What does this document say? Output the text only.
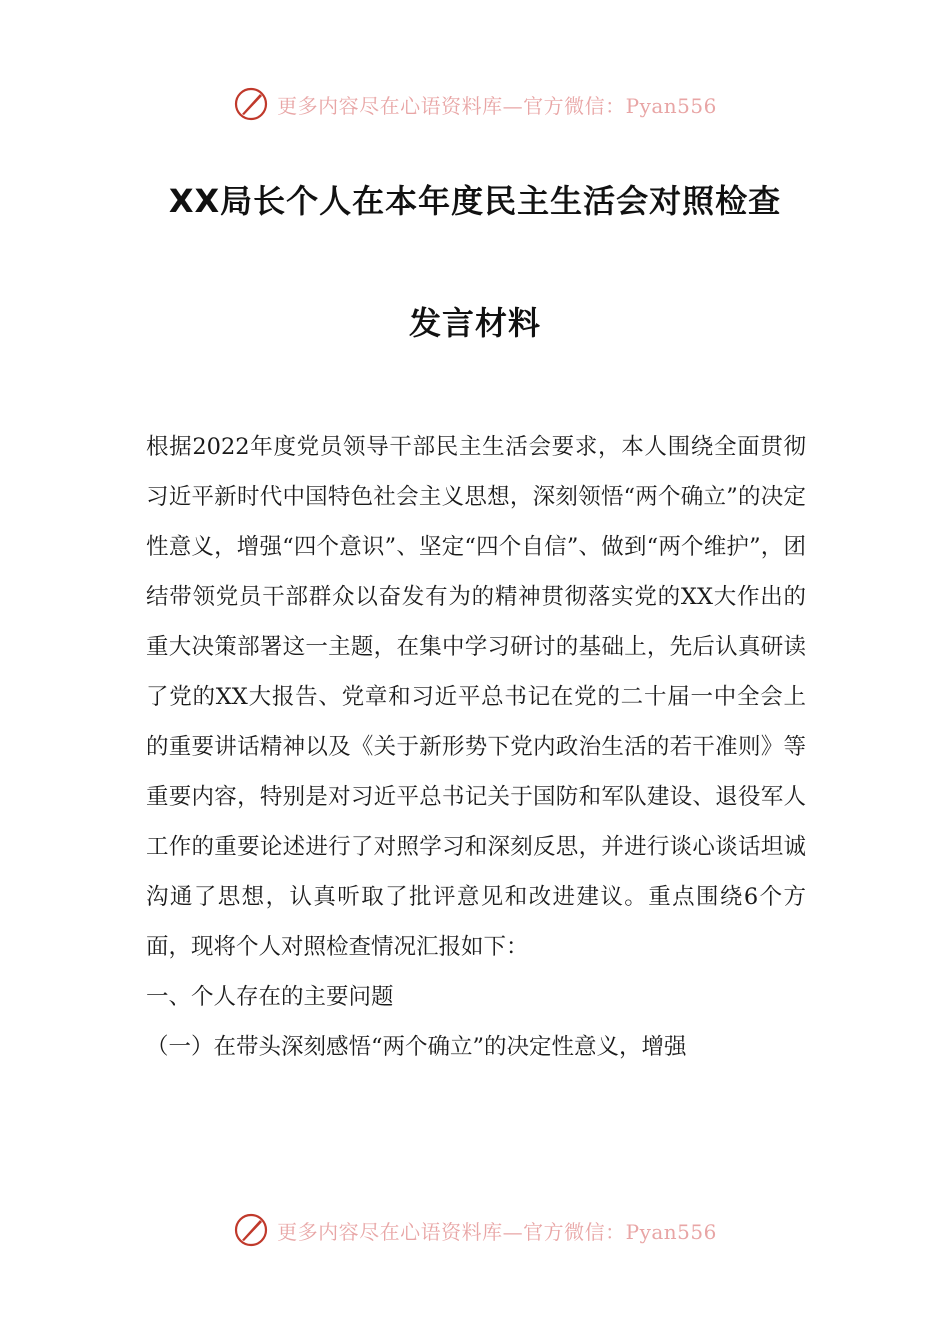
更多内容尽在心语资料库—官方微信：Pyan556
XX局长个人在本年度民主生活会对照检查
发言材料

根据2022年度党员领导干部民主生活会要求，本人围绕全面贯彻习近平新时代中国特色社会主义思想，深刻领悟“两个确立”的决定性意义，增强“四个意识”、坚定“四个自信”、做到“两个维护”，团结带领党员干部群众以奋发有为的精神贯彻落实党的XX大作出的重大决策部署这一主题，在集中学习研讨的基础上，先后认真研读了党的XX大报告、党章和习近平总书记在党的二十届一中全会上的重要讲话精神以及《关于新形势下党内政治生活的若干准则》等重要内容，特别是对习近平总书记关于国防和军队建设、退役军人工作的重要论述进行了对照学习和深刻反思，并进行谈心谈话坦诚沟通了思想，认真听取了批评意见和改进建议。重点围绕6个方面，现将个人对照检查情况汇报如下：

一、个人存在的主要问题

（一）在带头深刻感悟“两个确立”的决定性意义，增强

更多内容尽在心语资料库—官方微信：Pyan556
